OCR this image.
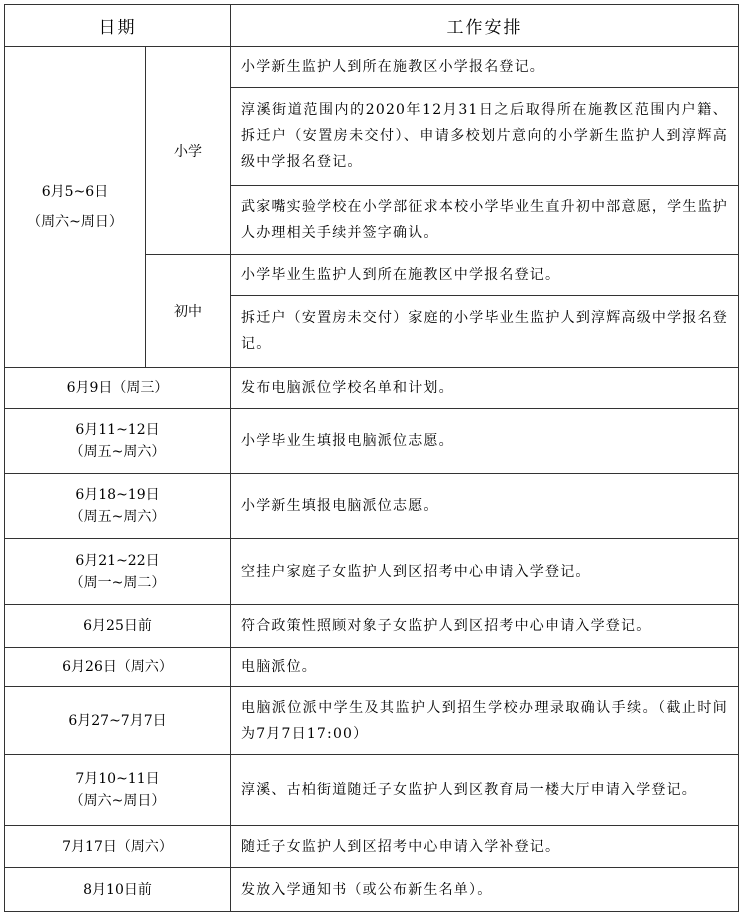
日期		工作安排

6月5~6日
（周六~周日）	小学	小学新生监护人到所在施教区小学报名登记。
		淳溪街道范围内的2020年12月31日之后取得所在施教区范围内户籍、拆迁户（安置房未交付）、申请多校划片意向的小学新生监护人到淳辉高级中学报名登记。
		武家嘴实验学校在小学部征求本校小学毕业生直升初中部意愿，学生监护人办理相关手续并签字确认。
	初中	小学毕业生监护人到所在施教区中学报名登记。
		拆迁户（安置房未交付）家庭的小学毕业生监护人到淳辉高级中学报名登记。

6月9日（周三）		发布电脑派位学校名单和计划。

6月11~12日
（周五~周六）		小学毕业生填报电脑派位志愿。

6月18~19日
（周五~周六）		小学新生填报电脑派位志愿。

6月21~22日
（周一~周二）		空挂户家庭子女监护人到区招考中心申请入学登记。

6月25日前		符合政策性照顾对象子女监护人到区招考中心申请入学登记。

6月26日（周六）		电脑派位。

6月27~7月7日		电脑派位派中学生及其监护人到招生学校办理录取确认手续。（截止时间为7月7日17:00）

7月10~11日
（周六~周日）		淳溪、古柏街道随迁子女监护人到区教育局一楼大厅申请入学登记。

7月17日（周六）		随迁子女监护人到区招考中心申请入学补登记。

8月10日前		发放入学通知书（或公布新生名单）。
